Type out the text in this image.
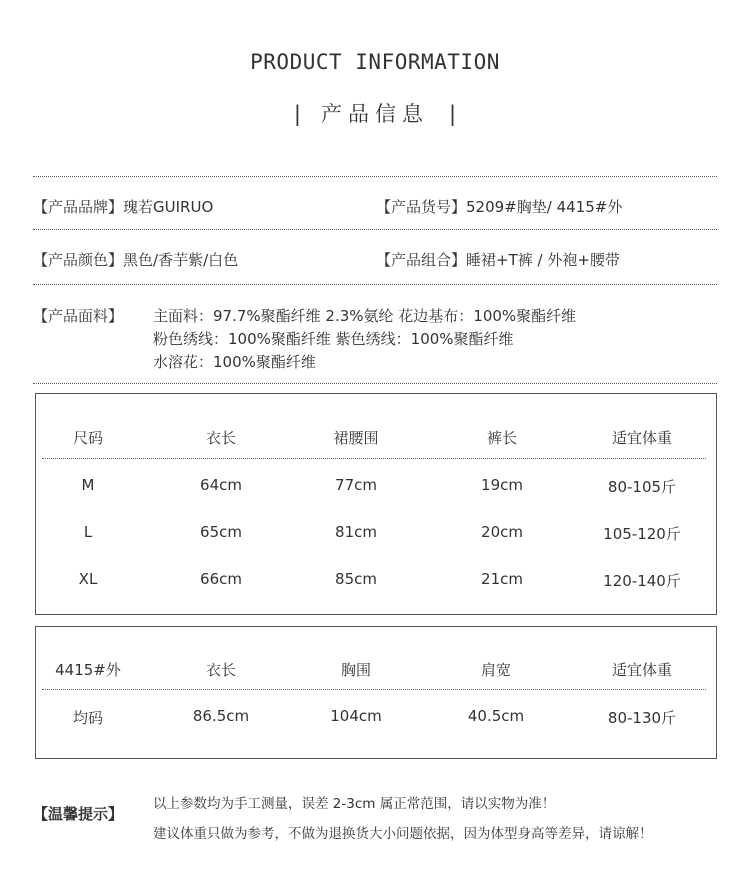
PRODUCT INFORMATION
| 产品信息 |
【产品品牌】瑰若GUIRUO	【产品货号】5209#胸垫/ 4415#外
【产品颜色】黑色/香芋紫/白色	【产品组合】睡裙+T裤 / 外袍+腰带
【产品面料】 主面料：97.7%聚酯纤维 2.3%氨纶 花边基布：100%聚酯纤维
粉色绣线：100%聚酯纤维 紫色绣线：100%聚酯纤维
水溶花：100%聚酯纤维
尺码	衣长	裙腰围	裤长	适宜体重
M	64cm	77cm	19cm	80-105斤
L	65cm	81cm	20cm	105-120斤
XL	66cm	85cm	21cm	120-140斤
4415#外	衣长	胸围	肩宽	适宜体重
均码	86.5cm	104cm	40.5cm	80-130斤
【温馨提示】
以上参数均为手工测量，误差 2-3cm 属正常范围，请以实物为准！
建议体重只做为参考，不做为退换货大小问题依据，因为体型身高等差异，请谅解！
